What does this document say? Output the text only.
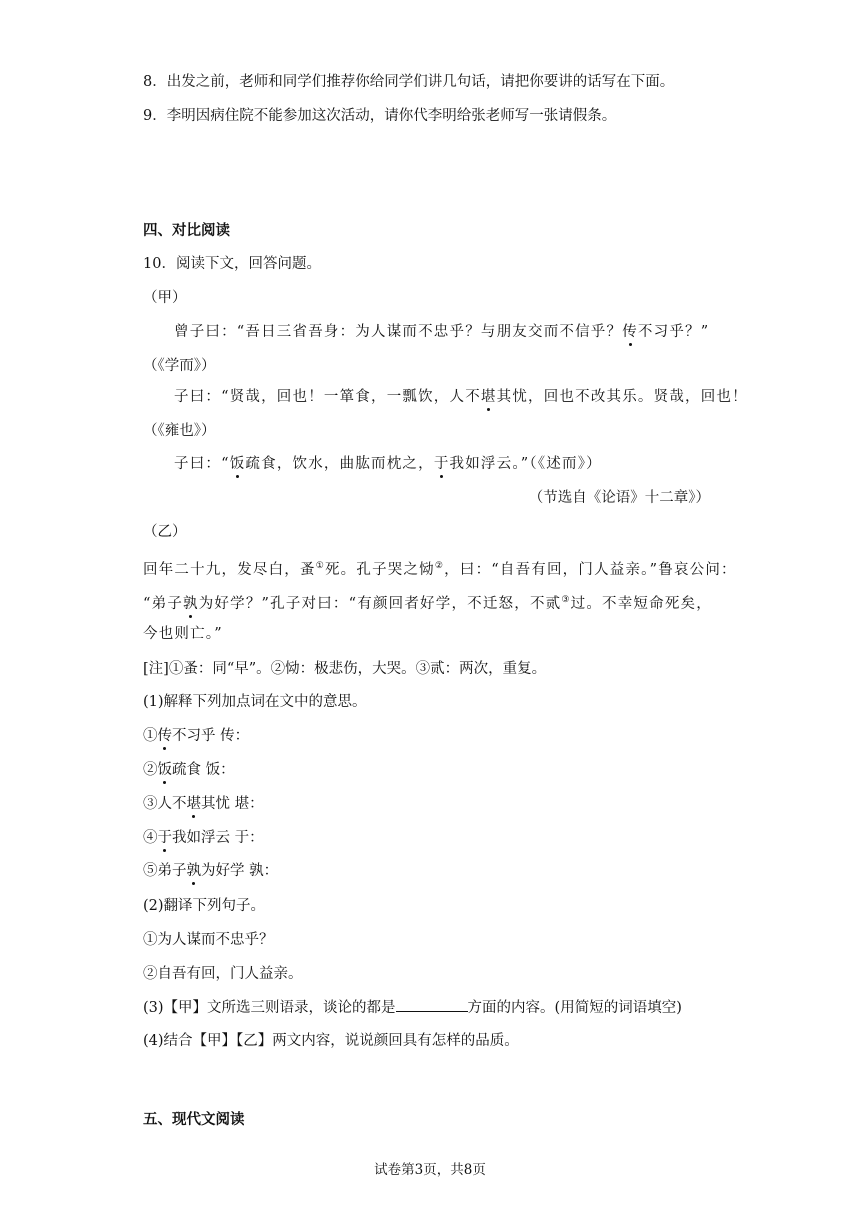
8．出发之前，老师和同学们推荐你给同学们讲几句话，请把你要讲的话写在下面。
9．李明因病住院不能参加这次活动，请你代李明给张老师写一张请假条。
四、对比阅读
10．阅读下文，回答问题。
（甲）
曾子曰：“吾日三省吾身：为人谋而不忠乎？与朋友交而不信乎？传不习乎？”
（《学而》）
子曰：“贤哉，回也！一箪食，一瓢饮，人不堪其忧，回也不改其乐。贤哉，回也！
（《雍也》）
子曰：“饭疏食，饮水，曲肱而枕之，于我如浮云。”（《述而》）
（节选自《论语》十二章》）
（乙）
回年二十九，发尽白，蚤①死。孔子哭之恸②，曰：“自吾有回，门人益亲。”鲁哀公问：
“弟子孰为好学？”孔子对曰：“有颜回者好学，不迁怒，不贰③过。不幸短命死矣，
今也则亡。”
[注]①蚤：同“早”。②恸：极悲伤，大哭。③贰：两次，重复。
(1)解释下列加点词在文中的意思。
①传不习乎 传：
②饭疏食 饭：
③人不堪其忧 堪：
④于我如浮云 于：
⑤弟子孰为好学 孰：
(2)翻译下列句子。
①为人谋而不忠乎？
②自吾有回，门人益亲。
(3)【甲】文所选三则语录，谈论的都是	方面的内容。(用简短的词语填空)
(4)结合【甲】【乙】两文内容，说说颜回具有怎样的品质。
五、现代文阅读
试卷第3页，共8页
